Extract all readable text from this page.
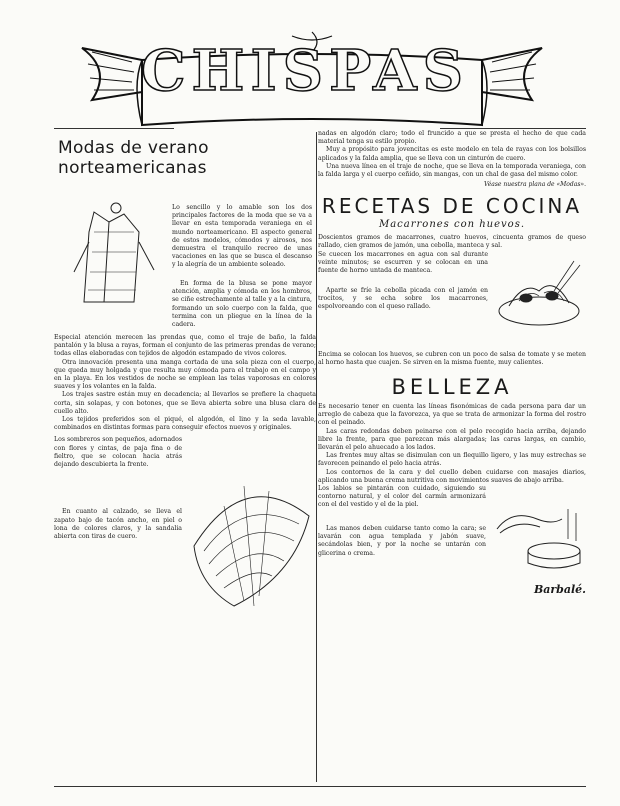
CHISPAS
Modas de verano norteamericanas

Lo sencillo y lo amable son los dos principales factores de la moda que se va a llevar en esta temporada veraniega en el mundo norteamericano. El aspecto general de estos modelos, cómodos y airosos, nos demuestra el tranquilo recreo de unas vacaciones en las que se busca el descanso y la alegría de un ambiente soleado.

En forma de la blusa se pone mayor atención, amplia y cómoda en los hombros, se ciñe estrechamente al talle y a la cintura, formando un solo cuerpo con la falda, que termina con un pliegue en la línea de la cadera.

Especial atención merecen las prendas que, como el traje de baño, la falda pantalón y la blusa a rayas, forman el conjunto de las primeras prendas de verano; todas ellas elaboradas con tejidos de algodón estampado de vivos colores.

Otra innovación presenta una manga cortada de una sola pieza con el cuerpo, que queda muy holgada y que resulta muy cómoda para el trabajo en el campo y en la playa. En los vestidos de noche se emplean las telas vaporosas en colores suaves y los volantes en la falda.

Los trajes sastre están muy en decadencia; al llevarlos se prefiere la chaqueta corta, sin solapas, y con botones, que se lleva abierta sobre una blusa clara de cuello alto.

Los tejidos preferidos son el piqué, el algodón, el lino y la seda lavable, combinados en distintas formas para conseguir efectos nuevos y originales.

Los sombreros son pequeños, adornados con flores y cintas, de paja fina o de fieltro, que se colocan hacia atrás dejando descubierta la frente.

En cuanto al calzado, se lleva el zapato bajo de tacón ancho, en piel o lona de colores claros, y la sandalia abierta con tiras de cuero.

nadas en algodón claro; todo el fruncido a que se presta el hecho de que cada material tenga su estilo propio.

Muy a propósito para jovencitas es este modelo en tela de rayas con los bolsillos aplicados y la falda amplia, que se lleva con un cinturón de cuero.

Una nueva línea en el traje de noche, que se lleva en la temporada veraniega, con la falda larga y el cuerpo ceñido, sin mangas, con un chal de gasa del mismo color.

Véase nuestra plana de «Modas».
RECETAS DE COCINA
Macarrones con huevos.

Doscientos gramos de macarrones, cuatro huevos, cincuenta gramos de queso rallado, cien gramos de jamón, una cebolla, manteca y sal.

Se cuecen los macarrones en agua con sal durante veinte minutos; se escurren y se colocan en una fuente de horno untada de manteca.

Aparte se fríe la cebolla picada con el jamón en trocitos, y se echa sobre los macarrones, espolvoreando con el queso rallado.

Encima se colocan los huevos, se cubren con un poco de salsa de tomate y se meten al horno hasta que cuajen. Se sirven en la misma fuente, muy calientes.

BELLEZA

Es necesario tener en cuenta las líneas fisonómicas de cada persona para dar un arreglo de cabeza que la favorezca, ya que se trata de armonizar la forma del rostro con el peinado.

Las caras redondas deben peinarse con el pelo recogido hacia arriba, dejando libre la frente, para que parezcan más alargadas; las caras largas, en cambio, llevarán el pelo ahuecado a los lados.

Las frentes muy altas se disimulan con un flequillo ligero, y las muy estrechas se favorecen peinando el pelo hacia atrás.

Los contornos de la cara y del cuello deben cuidarse con masajes diarios, aplicando una buena crema nutritiva con movimientos suaves de abajo arriba.

Los labios se pintarán con cuidado, siguiendo su contorno natural, y el color del carmín armonizará con el del vestido y el de la piel.

Las manos deben cuidarse tanto como la cara; se lavarán con agua templada y jabón suave, secándolas bien, y por la noche se untarán con glicerina o crema.

Barbalé.
